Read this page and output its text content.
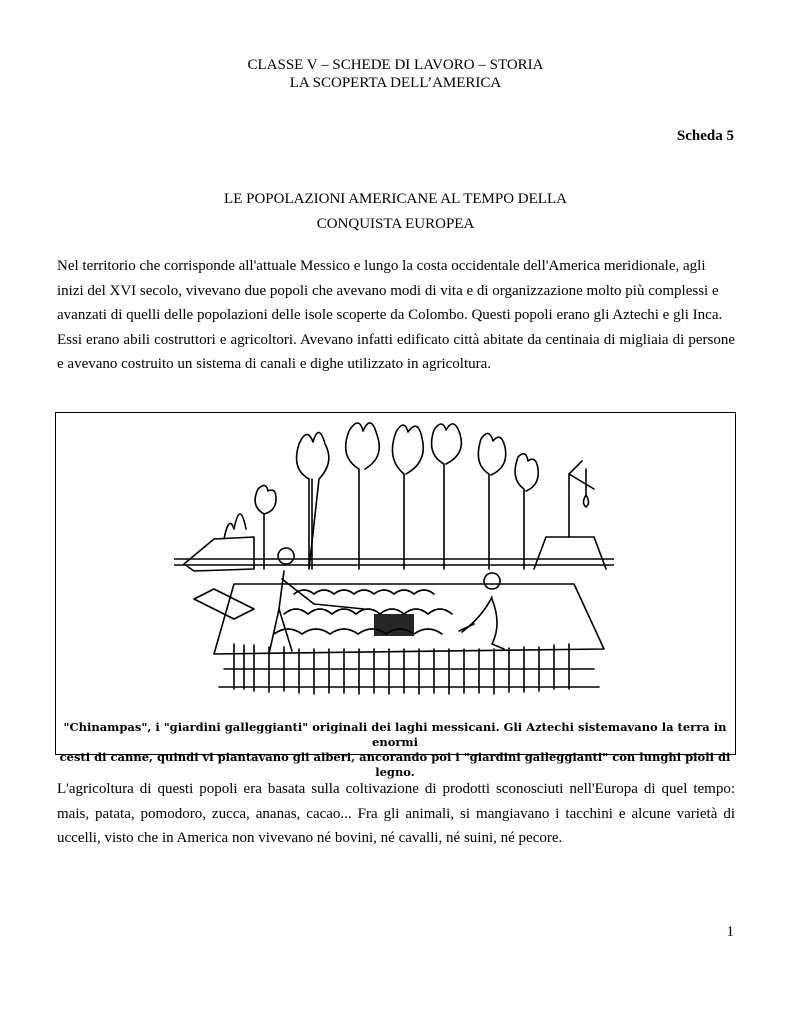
CLASSE V – SCHEDE DI LAVORO – STORIA
LA SCOPERTA DELL’AMERICA
Scheda 5
LE POPOLAZIONI AMERICANE AL TEMPO DELLA
CONQUISTA EUROPEA

Nel territorio che corrisponde all'attuale Messico e lungo la costa occidentale dell'America meridionale, agli inizi del XVI secolo, vivevano due popoli che avevano modi di vita e di organizzazione molto più complessi e avanzati di quelli delle popolazioni delle isole scoperte da Colombo. Questi popoli erano gli Aztechi e gli Inca.

Essi erano abili costruttori e agricoltori. Avevano infatti edificato città abitate da centinaia di migliaia di persone e avevano costruito un sistema di canali e dighe utilizzato in agricoltura.

"Chinampas", i "giardini galleggianti" originali dei laghi messicani. Gli Aztechi sistemavano la terra in enormi
cesti di canne, quindi vi piantavano gli alberi, ancorando poi i "giardini galleggianti" con lunghi pioli di legno.

L'agricoltura di questi popoli era basata sulla coltivazione di prodotti sconosciuti nell'Europa di quel tempo: mais, patata, pomodoro, zucca, ananas, cacao... Fra gli animali, si mangiavano i tacchini e alcune varietà di uccelli, visto che in America non vivevano né bovini, né cavalli, né suini, né pecore.

1
